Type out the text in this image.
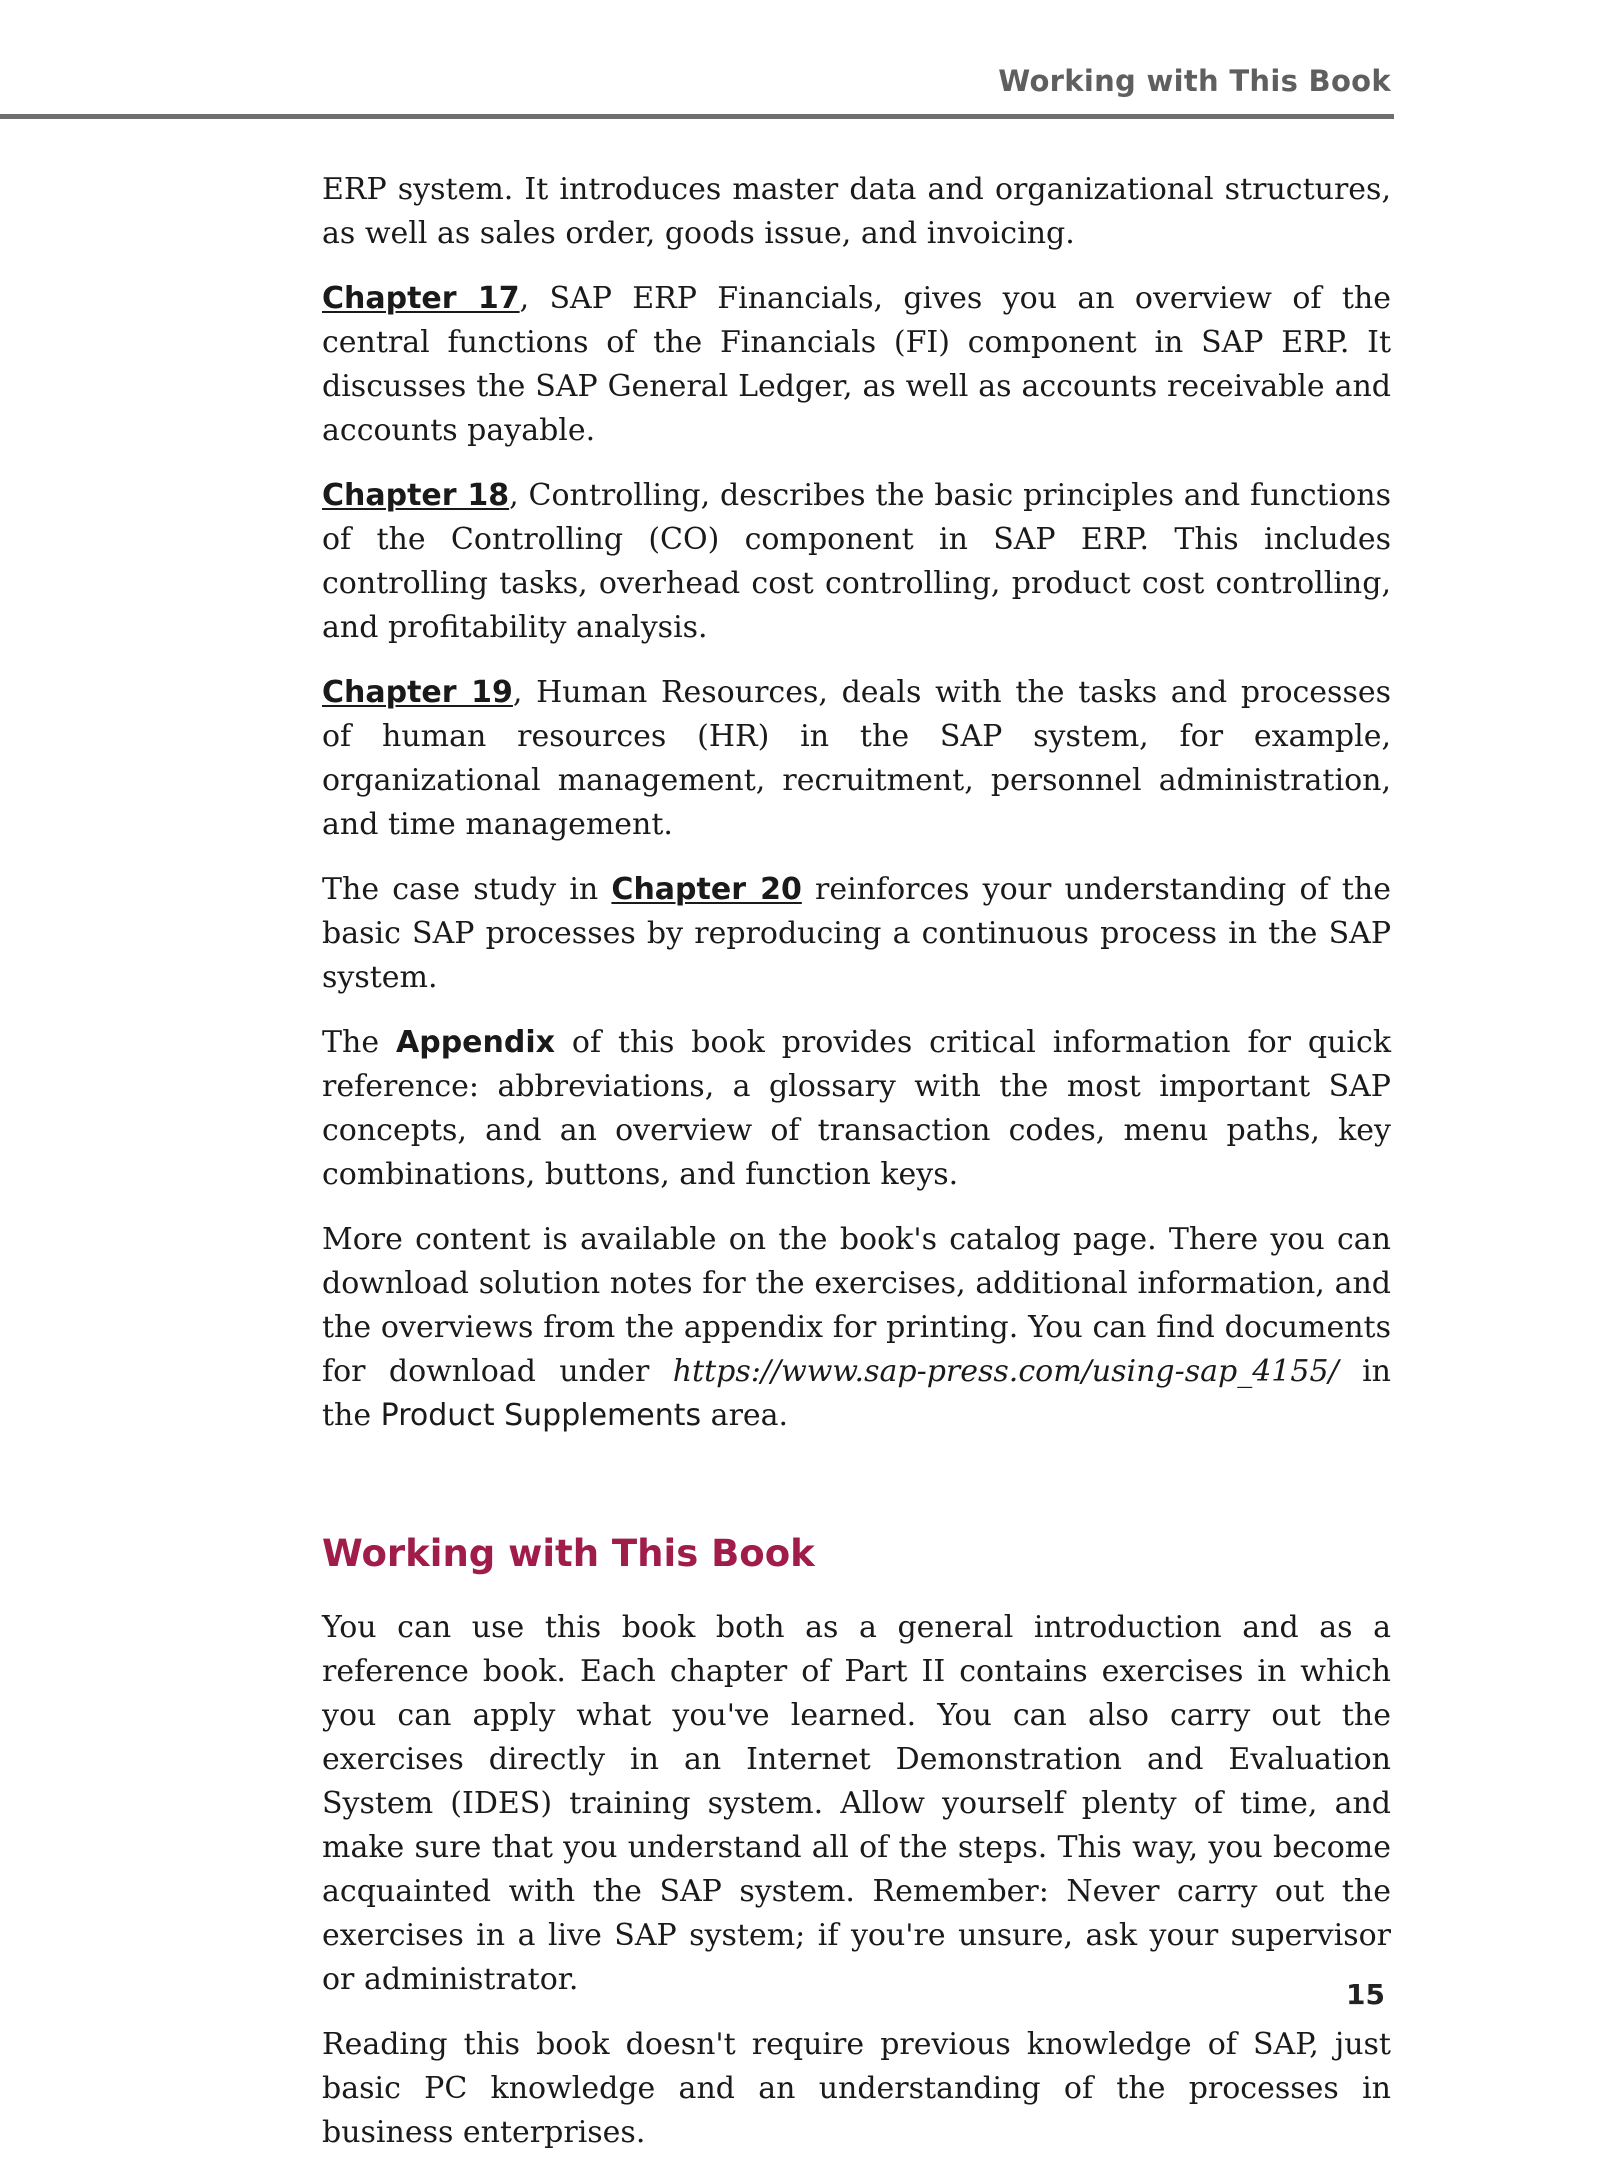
Working with This Book

ERP system. It introduces master data and organizational structures, as well as sales order, goods issue, and invoicing.

Chapter 17, SAP ERP Financials, gives you an overview of the central functions of the Financials (FI) component in SAP ERP. It discusses the SAP General Ledger, as well as accounts receivable and accounts payable.

Chapter 18, Controlling, describes the basic principles and functions of the Controlling (CO) component in SAP ERP. This includes controlling tasks, overhead cost controlling, product cost controlling, and profitability analysis.

Chapter 19, Human Resources, deals with the tasks and processes of human resources (HR) in the SAP system, for example, organizational management, recruitment, personnel administration, and time management.

The case study in Chapter 20 reinforces your understanding of the basic SAP processes by reproducing a continuous process in the SAP system.

The Appendix of this book provides critical information for quick reference: abbreviations, a glossary with the most important SAP concepts, and an overview of transaction codes, menu paths, key combinations, buttons, and function keys.

More content is available on the book's catalog page. There you can download solution notes for the exercises, additional information, and the overviews from the appendix for printing. You can find documents for download under https://www.sap-press.com/using-sap_4155/ in the Product Supplements area.

Working with This Book

You can use this book both as a general introduction and as a reference book. Each chapter of Part II contains exercises in which you can apply what you've learned. You can also carry out the exercises directly in an Internet Demonstration and Evaluation System (IDES) training system. Allow yourself plenty of time, and make sure that you understand all of the steps. This way, you become acquainted with the SAP system. Remember: Never carry out the exercises in a live SAP system; if you're unsure, ask your supervisor or administrator.

Reading this book doesn't require previous knowledge of SAP, just basic PC knowledge and an understanding of the processes in business enterprises.

15
